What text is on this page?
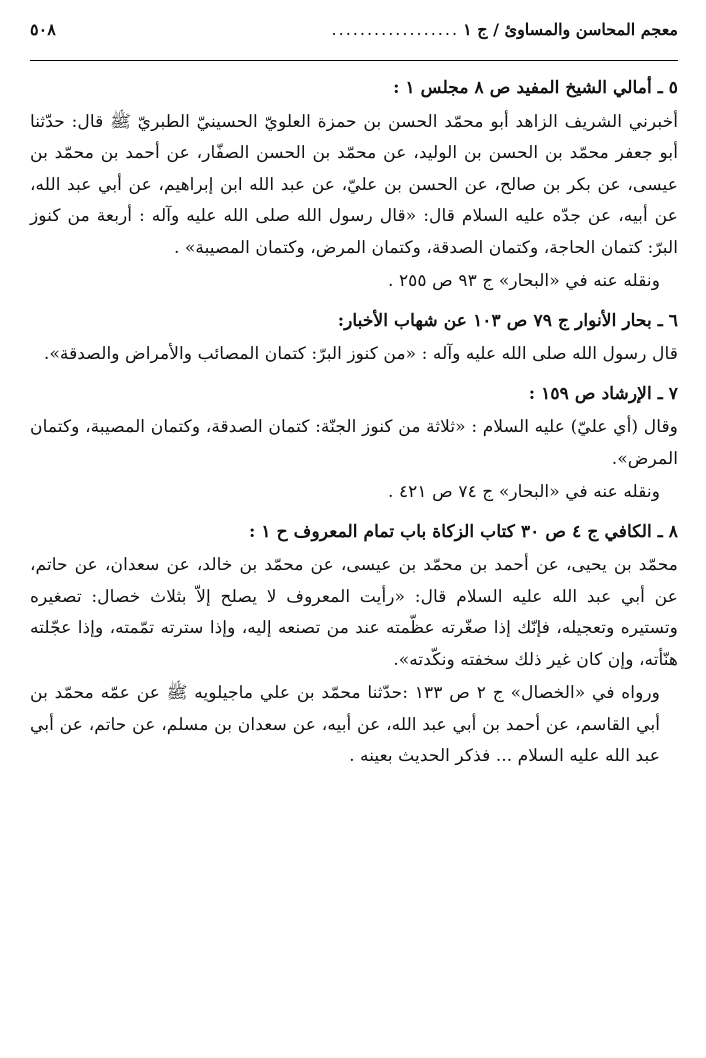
معجم المحاسن والمساوئ / ج ١
..................
٥٠٨

٥ ـ أمالي الشيخ المفيد ص ٨ مجلس ١ :

أخبرني الشريف الزاهد أبو محمّد الحسن بن حمزة العلويّ الحسينيّ الطبريّ ﷺ قال: حدّثنا أبو جعفر محمّد بن الحسن بن الوليد، عن محمّد بن الحسن الصفّار، عن أحمد بن محمّد بن عيسى، عن بكر بن صالح، عن الحسن بن عليّ، عن عبد الله ابن إبراهيم، عن أبي عبد الله، عن أبيه، عن جدّه عليه السلام قال: «قال رسول الله صلى الله عليه وآله : أربعة من كنوز البرّ: كتمان الحاجة، وكتمان الصدقة، وكتمان المرض، وكتمان المصيبة» .

ونقله عنه في «البحار» ج ٩٣ ص ٢٥٥ .

٦ ـ بحار الأنوار ج ٧٩ ص ١٠٣ عن شهاب الأخبار:

قال رسول الله صلى الله عليه وآله : «من كنوز البرّ: كتمان المصائب والأمراض والصدقة».

٧ ـ الإرشاد ص ١٥٩ :

وقال (أي عليّ) عليه السلام : «ثلاثة من كنوز الجنّة: كتمان الصدقة، وكتمان المصيبة، وكتمان المرض».

ونقله عنه في «البحار» ج ٧٤ ص ٤٢١ .

٨ ـ الكافي ج ٤ ص ٣٠ كتاب الزكاة باب تمام المعروف ح ١ :

محمّد بن يحيى، عن أحمد بن محمّد بن عيسى، عن محمّد بن خالد، عن سعدان، عن حاتم، عن أبي عبد الله عليه السلام قال: «رأيت المعروف لا يصلح إلاّ بثلاث خصال: تصغيره وتستيره وتعجيله، فإنّك إذا صغّرته عظّمته عند من تصنعه إليه، وإذا سترته تمّمته، وإذا عجّلته هنّأته، وإن كان غير ذلك سخفته ونكّدته».

ورواه في «الخصال» ج ٢ ص ١٣٣ :حدّثنا محمّد بن علي ماجيلويه ﷺ عن عمّه محمّد بن أبي القاسم، عن أحمد بن أبي عبد الله، عن أبيه، عن سعدان بن مسلم، عن حاتم، عن أبي عبد الله عليه السلام ... فذكر الحديث بعينه .
